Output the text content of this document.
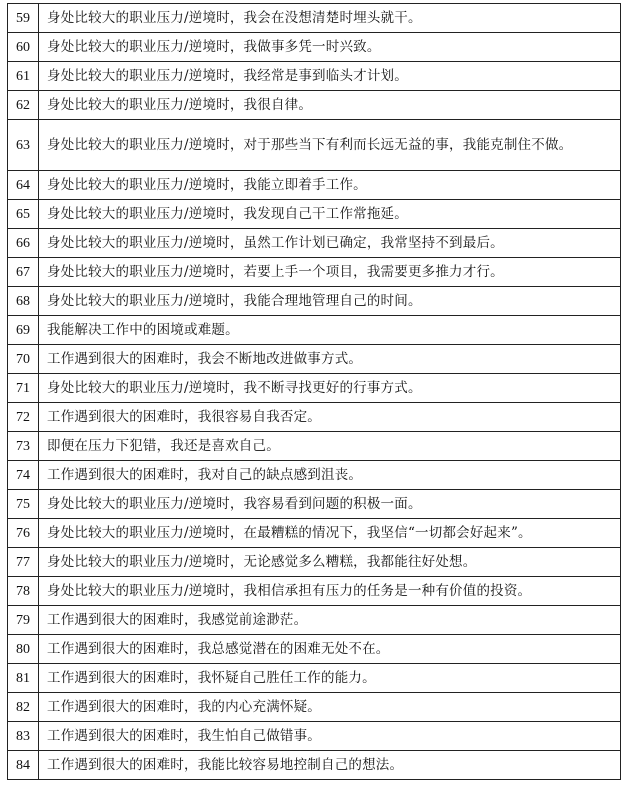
59	身处比较大的职业压力/逆境时，我会在没想清楚时埋头就干。
60	身处比较大的职业压力/逆境时，我做事多凭一时兴致。
61	身处比较大的职业压力/逆境时，我经常是事到临头才计划。
62	身处比较大的职业压力/逆境时，我很自律。
63	身处比较大的职业压力/逆境时，对于那些当下有利而长远无益的事，我能克制住不做。
64	身处比较大的职业压力/逆境时，我能立即着手工作。
65	身处比较大的职业压力/逆境时，我发现自己干工作常拖延。
66	身处比较大的职业压力/逆境时，虽然工作计划已确定，我常坚持不到最后。
67	身处比较大的职业压力/逆境时，若要上手一个项目，我需要更多推力才行。
68	身处比较大的职业压力/逆境时，我能合理地管理自己的时间。
69	我能解决工作中的困境或难题。
70	工作遇到很大的困难时，我会不断地改进做事方式。
71	身处比较大的职业压力/逆境时，我不断寻找更好的行事方式。
72	工作遇到很大的困难时，我很容易自我否定。
73	即便在压力下犯错，我还是喜欢自己。
74	工作遇到很大的困难时，我对自己的缺点感到沮丧。
75	身处比较大的职业压力/逆境时，我容易看到问题的积极一面。
76	身处比较大的职业压力/逆境时，在最糟糕的情况下，我坚信“一切都会好起来”。
77	身处比较大的职业压力/逆境时，无论感觉多么糟糕，我都能往好处想。
78	身处比较大的职业压力/逆境时，我相信承担有压力的任务是一种有价值的投资。
79	工作遇到很大的困难时，我感觉前途渺茫。
80	工作遇到很大的困难时，我总感觉潜在的困难无处不在。
81	工作遇到很大的困难时，我怀疑自己胜任工作的能力。
82	工作遇到很大的困难时，我的内心充满怀疑。
83	工作遇到很大的困难时，我生怕自己做错事。
84	工作遇到很大的困难时，我能比较容易地控制自己的想法。
